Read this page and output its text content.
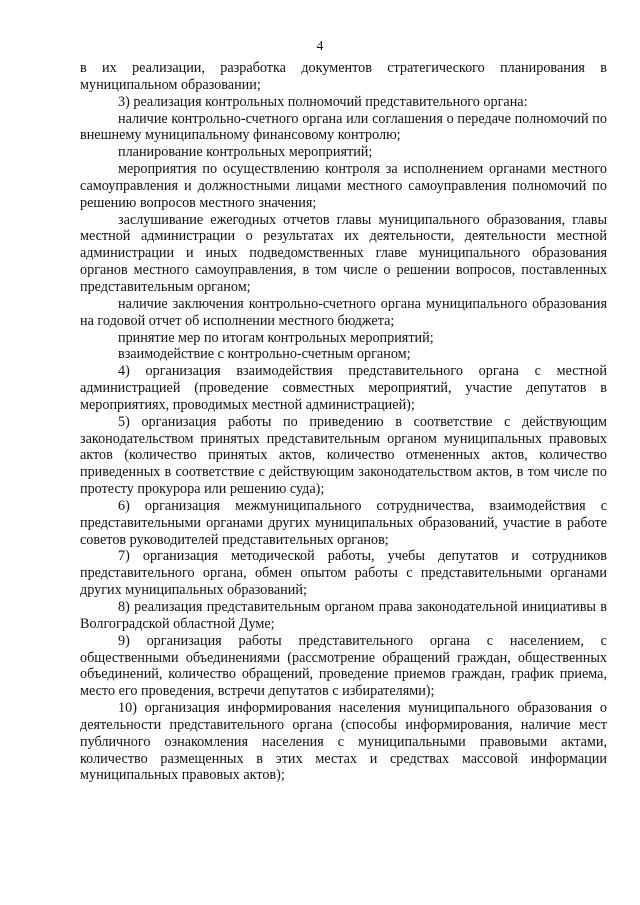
4

в их реализации, разработка документов стратегического планирования в муниципальном образовании;

3) реализация контрольных полномочий представительного органа:

наличие контрольно-счетного органа или соглашения о передаче полномочий по внешнему муниципальному финансовому контролю;

планирование контрольных мероприятий;

мероприятия по осуществлению контроля за исполнением органами местного самоуправления и должностными лицами местного самоуправления полномочий по решению вопросов местного значения;

заслушивание ежегодных отчетов главы муниципального образования, главы местной администрации о результатах их деятельности, деятельности местной администрации и иных подведомственных главе муниципального образования органов местного самоуправления, в том числе о решении вопросов, поставленных представительным органом;

наличие заключения контрольно-счетного органа муниципального образования на годовой отчет об исполнении местного бюджета;

принятие мер по итогам контрольных мероприятий;

взаимодействие с контрольно-счетным органом;

4) организация взаимодействия представительного органа с местной администрацией (проведение совместных мероприятий, участие депутатов в мероприятиях, проводимых местной администрацией);

5) организация работы по приведению в соответствие с действующим законодательством принятых представительным органом муниципальных правовых актов (количество принятых актов, количество отмененных актов, количество приведенных в соответствие с действующим законодательством актов, в том числе по протесту прокурора или решению суда);

6) организация межмуниципального сотрудничества, взаимодействия с представительными органами других муниципальных образований, участие в работе советов руководителей представительных органов;

7) организация методической работы, учебы депутатов и сотрудников представительного органа, обмен опытом работы с представительными органами других муниципальных образований;

8) реализация представительным органом права законодательной инициативы в Волгоградской областной Думе;

9) организация работы представительного органа с населением, с общественными объединениями (рассмотрение обращений граждан, общественных объединений, количество обращений, проведение приемов граждан, график приема, место его проведения, встречи депутатов с избирателями);

10) организация информирования населения муниципального образования о деятельности представительного органа (способы информирования, наличие мест публичного ознакомления населения с муниципальными правовыми актами, количество размещенных в этих местах и средствах массовой информации муниципальных правовых актов);
